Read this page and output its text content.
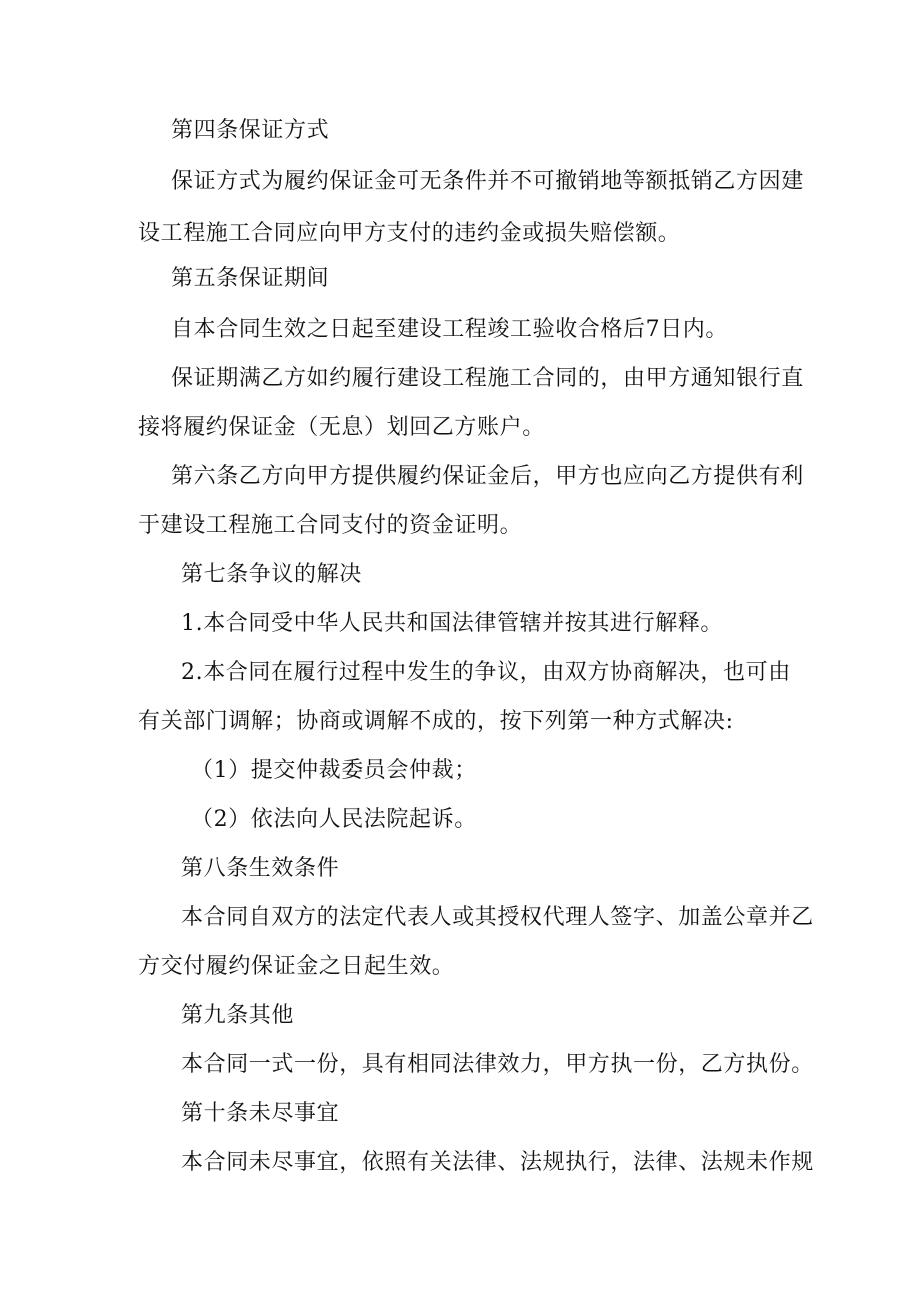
第四条保证方式
保证方式为履约保证金可无条件并不可撤销地等额抵销乙方因建
设工程施工合同应向甲方支付的违约金或损失赔偿额。
第五条保证期间
自本合同生效之日起至建设工程竣工验收合格后7日内。
保证期满乙方如约履行建设工程施工合同的，由甲方通知银行直
接将履约保证金（无息）划回乙方账户。
第六条乙方向甲方提供履约保证金后，甲方也应向乙方提供有利
于建设工程施工合同支付的资金证明。
第七条争议的解决
1.本合同受中华人民共和国法律管辖并按其进行解释。
2.本合同在履行过程中发生的争议，由双方协商解决，也可由
有关部门调解；协商或调解不成的，按下列第一种方式解决:
（1）提交仲裁委员会仲裁；
（2）依法向人民法院起诉。
第八条生效条件
本合同自双方的法定代表人或其授权代理人签字、加盖公章并乙
方交付履约保证金之日起生效。
第九条其他
本合同一式一份，具有相同法律效力，甲方执一份，乙方执份。
第十条未尽事宜
本合同未尽事宜，依照有关法律、法规执行，法律、法规未作规
